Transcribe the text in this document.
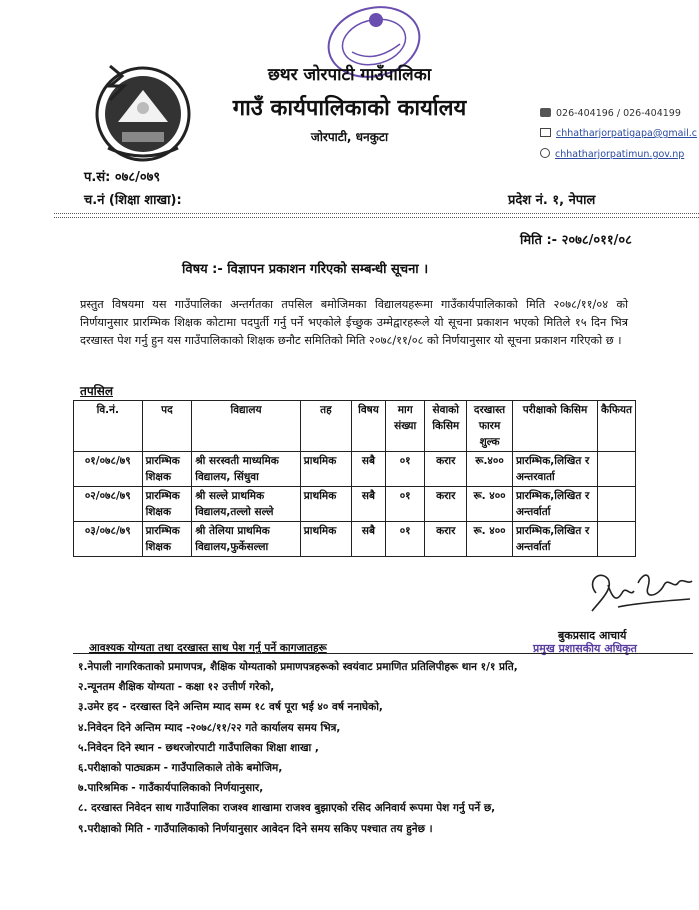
छथर जोरपाटी गाउँपालिका
गाउँ कार्यपालिकाको कार्यालय
जोरपाटी, धनकुटा
026-404196 / 026-404199
chhatharjorpatigapa@gmail.c
chhatharjorpatimun.gov.np
प.सं: ०७८/०७९
च.नं (शिक्षा शाखा):	प्रदेश नं. १, नेपाल
मिति :- २०७८/०११/०८
विषय :- विज्ञापन प्रकाशन गरिएको सम्बन्धी सूचना ।
प्रस्तुत विषयमा यस गाउँपालिका अन्तर्गतका तपसिल बमोजिमका विद्यालयहरूमा गाउँकार्यपालिकाको मिति २०७८/११/०४ को निर्णयानुसार प्रारम्भिक शिक्षक कोटामा पदपुर्ती गर्नु पर्ने भएकोले ईच्छुक उम्मेद्वारहरूले यो सूचना प्रकाशन भएको मितिले १५ दिन भित्र दरखास्त पेश गर्नु हुन यस गाउँपालिकाको शिक्षक छनौट समितिको मिति २०७८/११/०८ को निर्णयानुसार यो सूचना प्रकाशन गरिएको छ ।
तपसिल
वि.नं.	पद	विद्यालय	तह	विषय	माग संख्या	सेवाको किसिम	दरखास्त फारम शुल्क	परीक्षाको किसिम	कैफियत
०१/०७८/७९	प्रारम्भिक शिक्षक	श्री सरस्वती माध्यमिक विद्यालय, सिंधुवा	प्राथमिक	सबै	०१	करार	रू.४००	प्रारम्भिक,लिखित र अन्तरवार्ता	
०२/०७८/७९	प्रारम्भिक शिक्षक	श्री सल्ले प्राथमिक विद्यालय,तल्लो सल्ले	प्राथमिक	सबै	०१	करार	रू. ४००	प्रारम्भिक,लिखित र अन्तर्वार्ता	
०३/०७८/७९	प्रारम्भिक शिक्षक	श्री तेलिया प्राथमिक विद्यालय,फुर्केसल्ला	प्राथमिक	सबै	०१	करार	रू. ४००	प्रारम्भिक,लिखित र अन्तर्वार्ता	
बुकप्रसाद आचार्य
प्रमुख प्रशासकीय अधिकृत
आवश्यक योग्यता तथा दरखास्त साथ पेश गर्नु पर्ने कागजातहरू
१.नेपाली नागरिकताको प्रमाणपत्र, शैक्षिक योग्यताको प्रमाणपत्रहरूको स्वयंवाट प्रमाणित प्रतिलिपीहरू थान १/१ प्रति,
२.न्यूनतम शैक्षिक योग्यता - कक्षा १२ उत्तीर्ण गरेको,
३.उमेर हद - दरखास्त दिने अन्तिम म्याद सम्म १८ वर्ष पूरा भई ४० वर्ष ननाघेको,
४.निवेदन दिने अन्तिम म्याद -२०७८/११/२२ गते कार्यालय समय भित्र,
५.निवेदन दिने स्थान - छथरजोरपाटी गाउँपालिका शिक्षा शाखा ,
६.परीक्षाको पाठ्यक्रम - गाउँपालिकाले तोके बमोजिम,
७.पारिश्रमिक - गाउँकार्यपालिकाको निर्णयानुसार,
८. दरखास्त निवेदन साथ गाउँपालिका राजश्व शाखामा राजश्व बुझाएको रसिद अनिवार्य रूपमा पेश गर्नु पर्ने छ,
९.परीक्षाको मिति - गाउँपालिकाको निर्णयानुसार आवेदन दिने समय सकिए पश्चात तय हुनेछ ।
